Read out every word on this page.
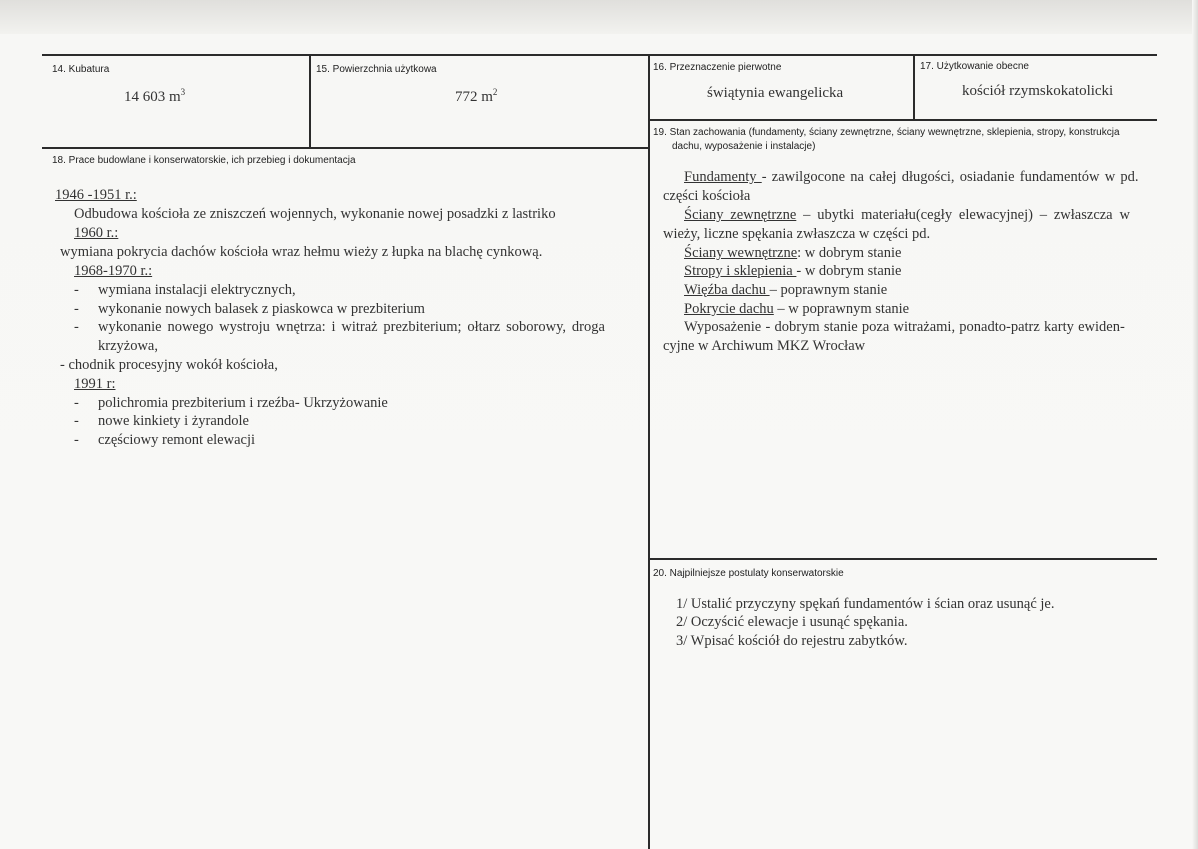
14. Kubatura
14 603 $m^3$
15. Powierzchnia użytkowa
772 $m^2$
16. Przeznaczenie pierwotne
świątynia ewangelicka
17. Użytkowanie obecne
kościół rzymskokatolicki
18. Prace budowlane i konserwatorskie, ich przebieg i dokumentacja
1946 -1951 r.:
Odbudowa kościoła ze zniszczeń wojennych, wykonanie nowej posadzki z lastriko
1960 r.:
wymiana pokrycia dachów kościoła wraz hełmu wieży z łupka na blachę cynkową.
1968-1970 r.:
- wymiana instalacji elektrycznych,
- wykonanie nowych balasek z piaskowca w prezbiterium
- wykonanie nowego wystroju wnętrza: i witraż prezbiterium; ołtarz soborowy, droga
krzyżowa,
- chodnik procesyjny wokół kościoła,
1991 r:
- polichromia prezbiterium i rzeźba- Ukrzyżowanie
- nowe kinkiety i żyrandole
- częściowy remont elewacji
19. Stan zachowania (fundamenty, ściany zewnętrzne, ściany wewnętrzne, sklepienia, stropy, konstrukcja
dachu, wyposażenie i instalacje)
Fundamenty - zawilgocone na całej długości, osiadanie fundamentów w pd.
części kościoła
Ściany zewnętrzne – ubytki materiału(cegły elewacyjnej) – zwłaszcza w
wieży, liczne spękania zwłaszcza w części pd.
Ściany wewnętrzne: w dobrym stanie
Stropy i sklepienia - w dobrym stanie
Więźba dachu – poprawnym stanie
Pokrycie dachu – w poprawnym stanie
Wyposażenie - dobrym stanie poza witrażami, ponadto-patrz karty ewiden-
cyjne w Archiwum MKZ Wrocław
20. Najpilniejsze postulaty konserwatorskie
1/ Ustalić przyczyny spękań fundamentów i ścian oraz usunąć je.
2/ Oczyścić elewacje i usunąć spękania.
3/ Wpisać kościół do rejestru zabytków.
